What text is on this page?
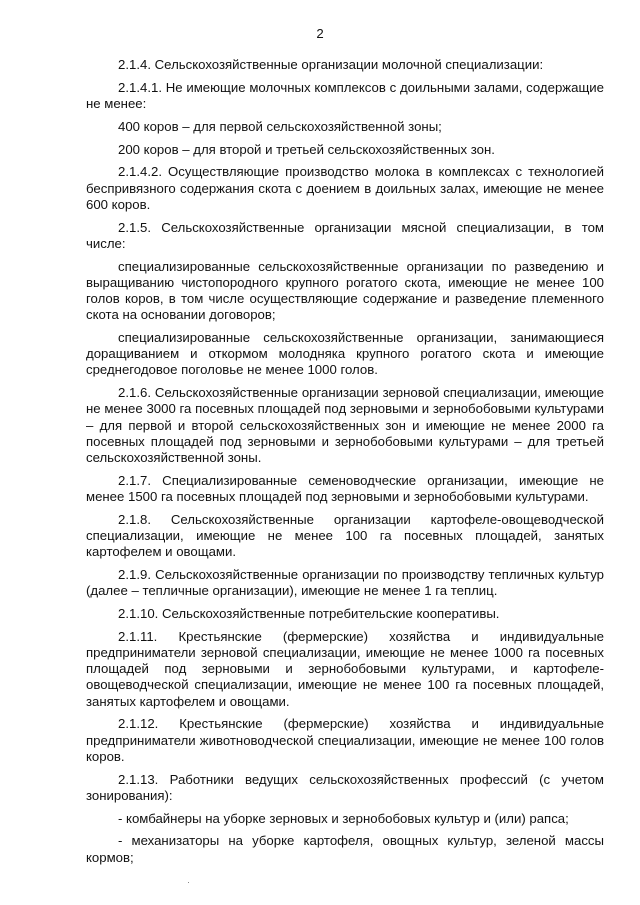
2

2.1.4. Сельскохозяйственные организации молочной специализации:

2.1.4.1. Не имеющие молочных комплексов с доильными залами, содержащие не менее:

400 коров – для первой сельскохозяйственной зоны;

200 коров – для второй и третьей сельскохозяйственных зон.

2.1.4.2. Осуществляющие производство молока в комплексах с технологией беспривязного содержания скота с доением в доильных залах, имеющие не менее 600 коров.

2.1.5. Сельскохозяйственные организации мясной специализации, в том числе:

специализированные сельскохозяйственные организации по разведению и выращиванию чистопородного крупного рогатого скота, имеющие не менее 100 голов коров, в том числе осуществляющие содержание и разведение племенного скота на основании договоров;

специализированные сельскохозяйственные организации, занимающиеся доращиванием и откормом молодняка крупного рогатого скота и имеющие среднегодовое поголовье не менее 1000 голов.

2.1.6. Сельскохозяйственные организации зерновой специализации, имеющие не менее 3000 га посевных площадей под зерновыми и зернобобовыми культурами – для первой и второй сельскохозяйственных зон и имеющие не менее 2000 га посевных площадей под зерновыми и зернобобовыми культурами – для третьей сельскохозяйственной зоны.

2.1.7. Специализированные семеноводческие организации, имеющие не менее 1500 га посевных площадей под зерновыми и зернобобовыми культурами.

2.1.8. Сельскохозяйственные организации картофеле-овощеводческой специализации, имеющие не менее 100 га посевных площадей, занятых картофелем и овощами.

2.1.9. Сельскохозяйственные организации по производству тепличных культур (далее – тепличные организации), имеющие не менее 1 га теплиц.

2.1.10. Сельскохозяйственные потребительские кооперативы.

2.1.11. Крестьянские (фермерские) хозяйства и индивидуальные предприниматели зерновой специализации, имеющие не менее 1000 га посевных площадей под зерновыми и зернобобовыми культурами, и картофеле-овощеводческой специализации, имеющие не менее 100 га посевных площадей, занятых картофелем и овощами.

2.1.12. Крестьянские (фермерские) хозяйства и индивидуальные предприниматели животноводческой специализации, имеющие не менее 100 голов коров.

2.1.13. Работники ведущих сельскохозяйственных профессий (с учетом зонирования):

- комбайнеры на уборке зерновых и зернобобовых культур и (или) рапса;

- механизаторы на уборке картофеля, овощных культур, зеленой массы кормов;
